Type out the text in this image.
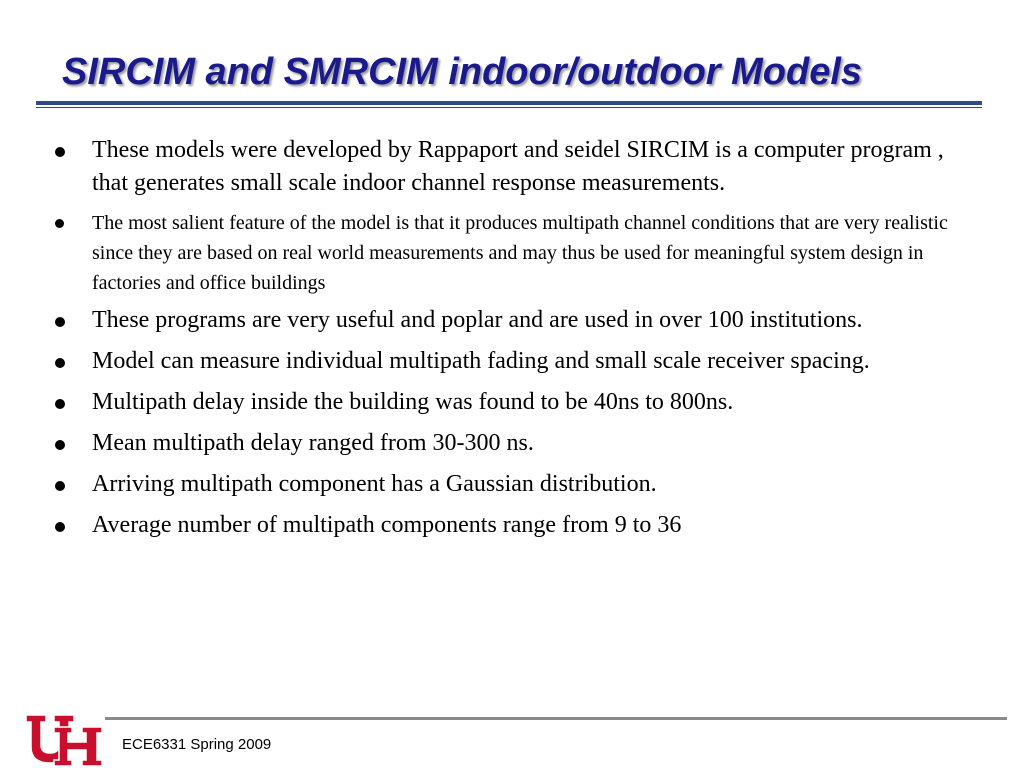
SIRCIM and SMRCIM indoor/outdoor Models
These models were developed by Rappaport and seidel SIRCIM is a computer program , that generates small scale indoor channel response measurements.
The most salient feature of the model is that it produces multipath channel conditions that are very realistic since they are based on real world measurements and may thus be used for meaningful system design in factories and office buildings
These programs are very useful and poplar and are used in over 100 institutions.
Model can measure individual multipath fading and small scale receiver spacing.
Multipath delay inside the building was found to be 40ns to 800ns.
Mean multipath delay ranged from 30-300 ns.
Arriving multipath component has a Gaussian distribution.
Average number of multipath components range from 9 to 36
ECE6331 Spring 2009
